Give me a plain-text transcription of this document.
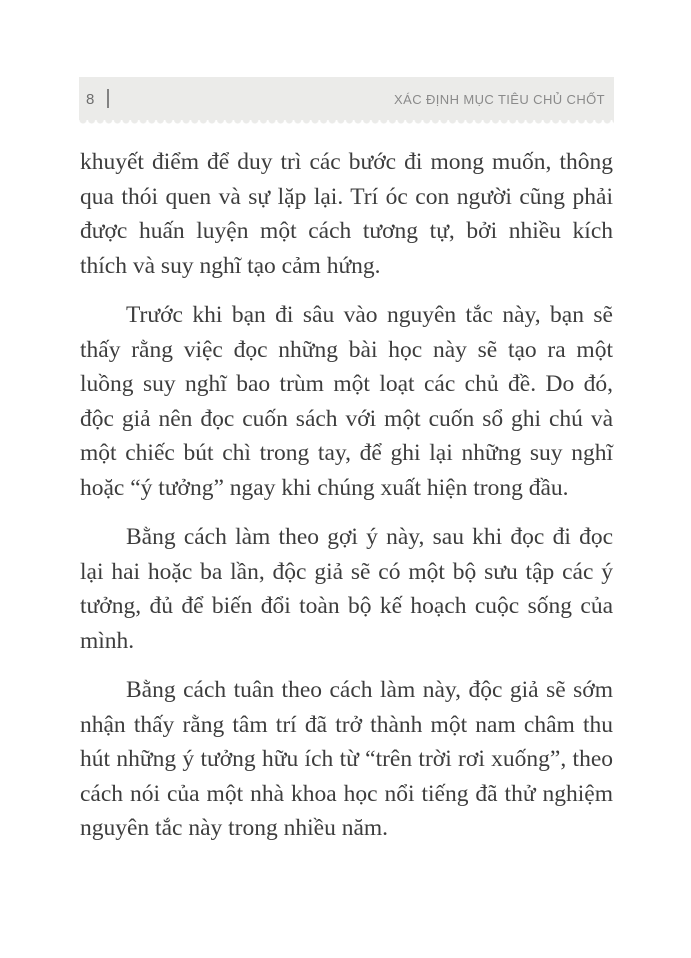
8	XÁC ĐỊNH MỤC TIÊU CHỦ CHỐT

khuyết điểm để duy trì các bước đi mong muốn, thông qua thói quen và sự lặp lại. Trí óc con người cũng phải được huấn luyện một cách tương tự, bởi nhiều kích thích và suy nghĩ tạo cảm hứng.

Trước khi bạn đi sâu vào nguyên tắc này, bạn sẽ thấy rằng việc đọc những bài học này sẽ tạo ra một luồng suy nghĩ bao trùm một loạt các chủ đề. Do đó, độc giả nên đọc cuốn sách với một cuốn sổ ghi chú và một chiếc bút chì trong tay, để ghi lại những suy nghĩ hoặc “ý tưởng” ngay khi chúng xuất hiện trong đầu.

Bằng cách làm theo gợi ý này, sau khi đọc đi đọc lại hai hoặc ba lần, độc giả sẽ có một bộ sưu tập các ý tưởng, đủ để biến đổi toàn bộ kế hoạch cuộc sống của mình.

Bằng cách tuân theo cách làm này, độc giả sẽ sớm nhận thấy rằng tâm trí đã trở thành một nam châm thu hút những ý tưởng hữu ích từ “trên trời rơi xuống”, theo cách nói của một nhà khoa học nổi tiếng đã thử nghiệm nguyên tắc này trong nhiều năm.
